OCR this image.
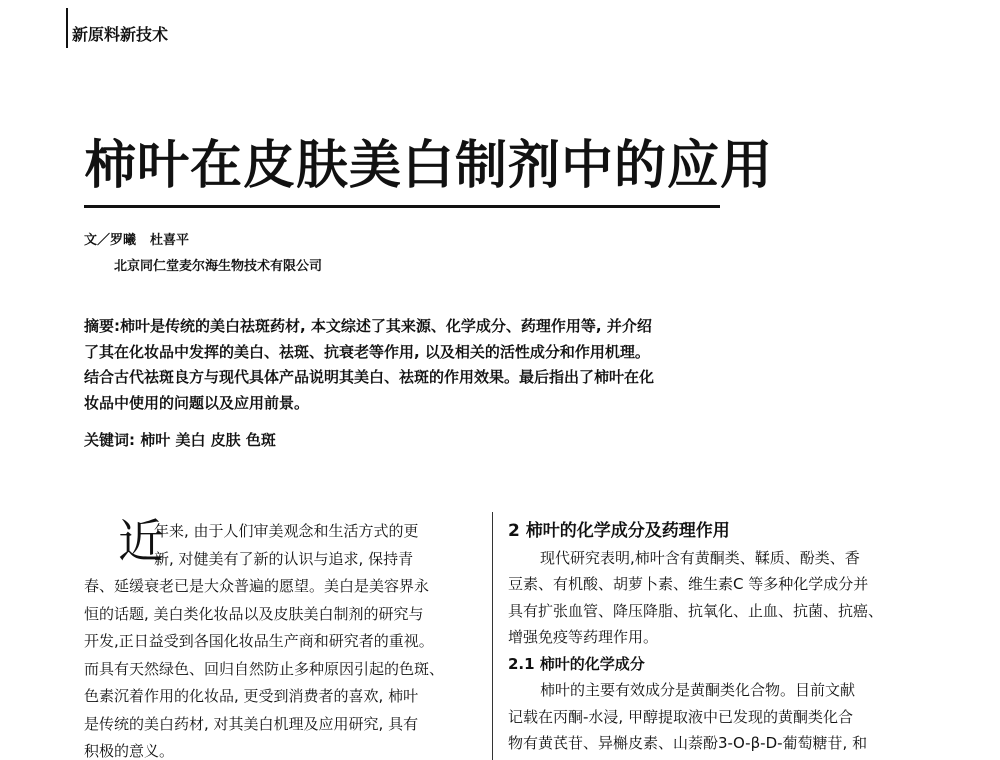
新原料新技术
柿叶在皮肤美白制剂中的应用
文／罗曦 杜喜平
北京同仁堂麦尔海生物技术有限公司
摘要:柿叶是传统的美白祛斑药材, 本文综述了其来源、化学成分、药理作用等, 并介绍
了其在化妆品中发挥的美白、祛斑、抗衰老等作用, 以及相关的活性成分和作用机理。
结合古代祛斑良方与现代具体产品说明其美白、祛斑的作用效果。最后指出了柿叶在化
妆品中使用的问题以及应用前景。
关键词: 柿叶 美白 皮肤 色斑
近
年来, 由于人们审美观念和生活方式的更
新, 对健美有了新的认识与追求, 保持青
春、延缓衰老已是大众普遍的愿望。美白是美容界永
恒的话题, 美白类化妆品以及皮肤美白制剂的研究与
开发,正日益受到各国化妆品生产商和研究者的重视。
而具有天然绿色、回归自然防止多种原因引起的色斑、
色素沉着作用的化妆品, 更受到消费者的喜欢, 柿叶
是传统的美白药材, 对其美白机理及应用研究, 具有
积极的意义。
2 柿叶的化学成分及药理作用
现代研究表明,柿叶含有黄酮类、鞣质、酚类、香
豆素、有机酸、胡萝卜素、维生素C 等多种化学成分并
具有扩张血管、降压降脂、抗氧化、止血、抗菌、抗癌、
增强免疫等药理作用。
2.1 柿叶的化学成分
柿叶的主要有效成分是黄酮类化合物。目前文献
记载在丙酮-水浸, 甲醇提取液中已发现的黄酮类化合
物有黄芪苷、异槲皮素、山萘酚3-O-β-D-葡萄糖苷, 和
